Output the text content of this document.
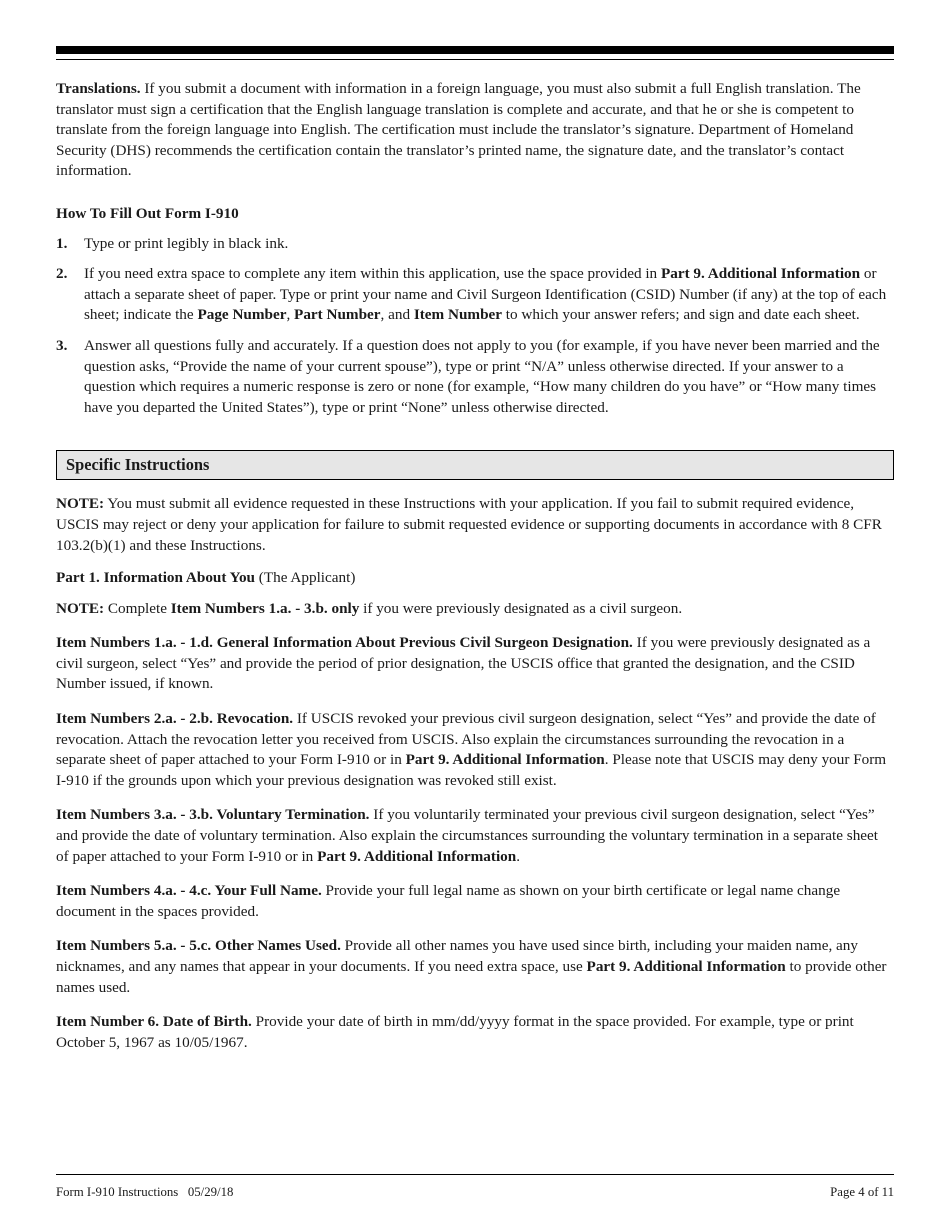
Translations. If you submit a document with information in a foreign language, you must also submit a full English translation. The translator must sign a certification that the English language translation is complete and accurate, and that he or she is competent to translate from the foreign language into English. The certification must include the translator’s signature. Department of Homeland Security (DHS) recommends the certification contain the translator’s printed name, the signature date, and the translator’s contact information.

How To Fill Out Form I-910

1.	Type or print legibly in black ink.
2.	If you need extra space to complete any item within this application, use the space provided in Part 9. Additional Information or attach a separate sheet of paper. Type or print your name and Civil Surgeon Identification (CSID) Number (if any) at the top of each sheet; indicate the Page Number, Part Number, and Item Number to which your answer refers; and sign and date each sheet.
3.	Answer all questions fully and accurately. If a question does not apply to you (for example, if you have never been married and the question asks, “Provide the name of your current spouse”), type or print “N/A” unless otherwise directed. If your answer to a question which requires a numeric response is zero or none (for example, “How many children do you have” or “How many times have you departed the United States”), type or print “None” unless otherwise directed.
Specific Instructions

NOTE: You must submit all evidence requested in these Instructions with your application. If you fail to submit required evidence, USCIS may reject or deny your application for failure to submit requested evidence or supporting documents in accordance with 8 CFR 103.2(b)(1) and these Instructions.

Part 1. Information About You (The Applicant)

NOTE: Complete Item Numbers 1.a. - 3.b. only if you were previously designated as a civil surgeon.

Item Numbers 1.a. - 1.d. General Information About Previous Civil Surgeon Designation. If you were previously designated as a civil surgeon, select “Yes” and provide the period of prior designation, the USCIS office that granted the designation, and the CSID Number issued, if known.

Item Numbers 2.a. - 2.b. Revocation. If USCIS revoked your previous civil surgeon designation, select “Yes” and provide the date of revocation. Attach the revocation letter you received from USCIS. Also explain the circumstances surrounding the revocation in a separate sheet of paper attached to your Form I-910 or in Part 9. Additional Information. Please note that USCIS may deny your Form I-910 if the grounds upon which your previous designation was revoked still exist.

Item Numbers 3.a. - 3.b. Voluntary Termination. If you voluntarily terminated your previous civil surgeon designation, select “Yes” and provide the date of voluntary termination. Also explain the circumstances surrounding the voluntary termination in a separate sheet of paper attached to your Form I-910 or in Part 9. Additional Information.

Item Numbers 4.a. - 4.c. Your Full Name. Provide your full legal name as shown on your birth certificate or legal name change document in the spaces provided.

Item Numbers 5.a. - 5.c. Other Names Used. Provide all other names you have used since birth, including your maiden name, any nicknames, and any names that appear in your documents. If you need extra space, use Part 9. Additional Information to provide other names used.

Item Number 6. Date of Birth. Provide your date of birth in mm/dd/yyyy format in the space provided. For example, type or print October 5, 1967 as 10/05/1967.

Form I-910 Instructions   05/29/18	Page 4 of 11
